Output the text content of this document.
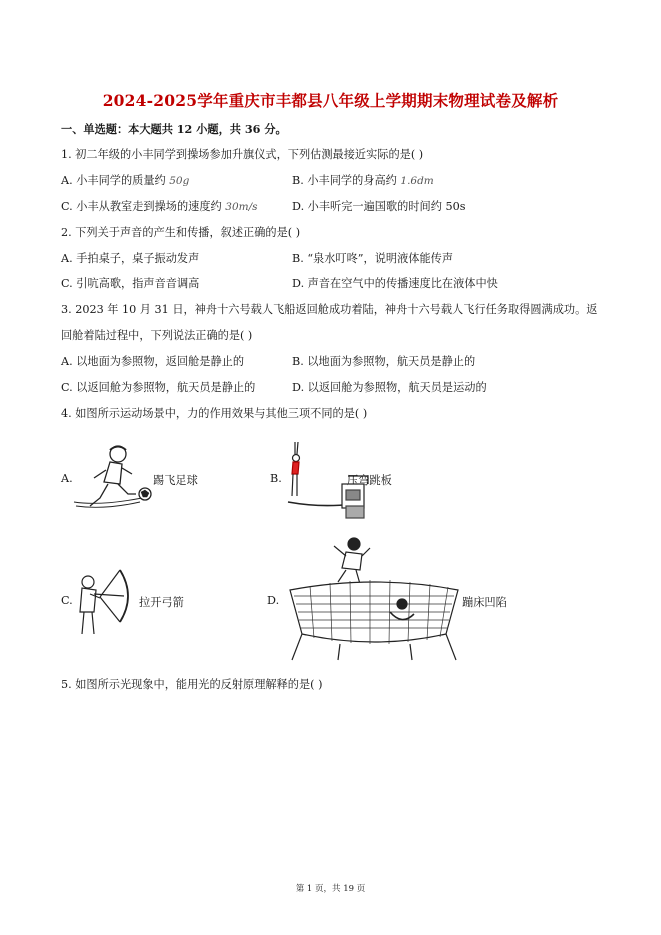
2024-2025学年重庆市丰都县八年级上学期期末物理试卷及解析
一、单选题：本大题共 12 小题，共 36 分。
1. 初二年级的小丰同学到操场参加升旗仪式，下列估测最接近实际的是( )
A. 小丰同学的质量约 50g	B. 小丰同学的身高约 1.6dm
C. 小丰从教室走到操场的速度约 30m/s	D. 小丰听完一遍国歌的时间约 50s
2. 下列关于声音的产生和传播，叙述正确的是( )
A. 手拍桌子，桌子振动发声	B. “泉水叮咚”，说明液体能传声
C. 引吭高歌，指声音音调高	D. 声音在空气中的传播速度比在液体中快
3. 2023 年 10 月 31 日，神舟十六号载人飞船返回舱成功着陆，神舟十六号载人飞行任务取得圆满成功。返
回舱着陆过程中，下列说法正确的是( )
A. 以地面为参照物，返回舱是静止的	B. 以地面为参照物，航天员是静止的
C. 以返回舱为参照物，航天员是静止的	D. 以返回舱为参照物，航天员是运动的
4. 如图所示运动场景中，力的作用效果与其他三项不同的是( )
A.	踢飞足球	B.	压弯跳板
C.	拉开弓箭	D.	蹦床凹陷
5. 如图所示光现象中，能用光的反射原理解释的是( )
第 1 页，共 19 页
